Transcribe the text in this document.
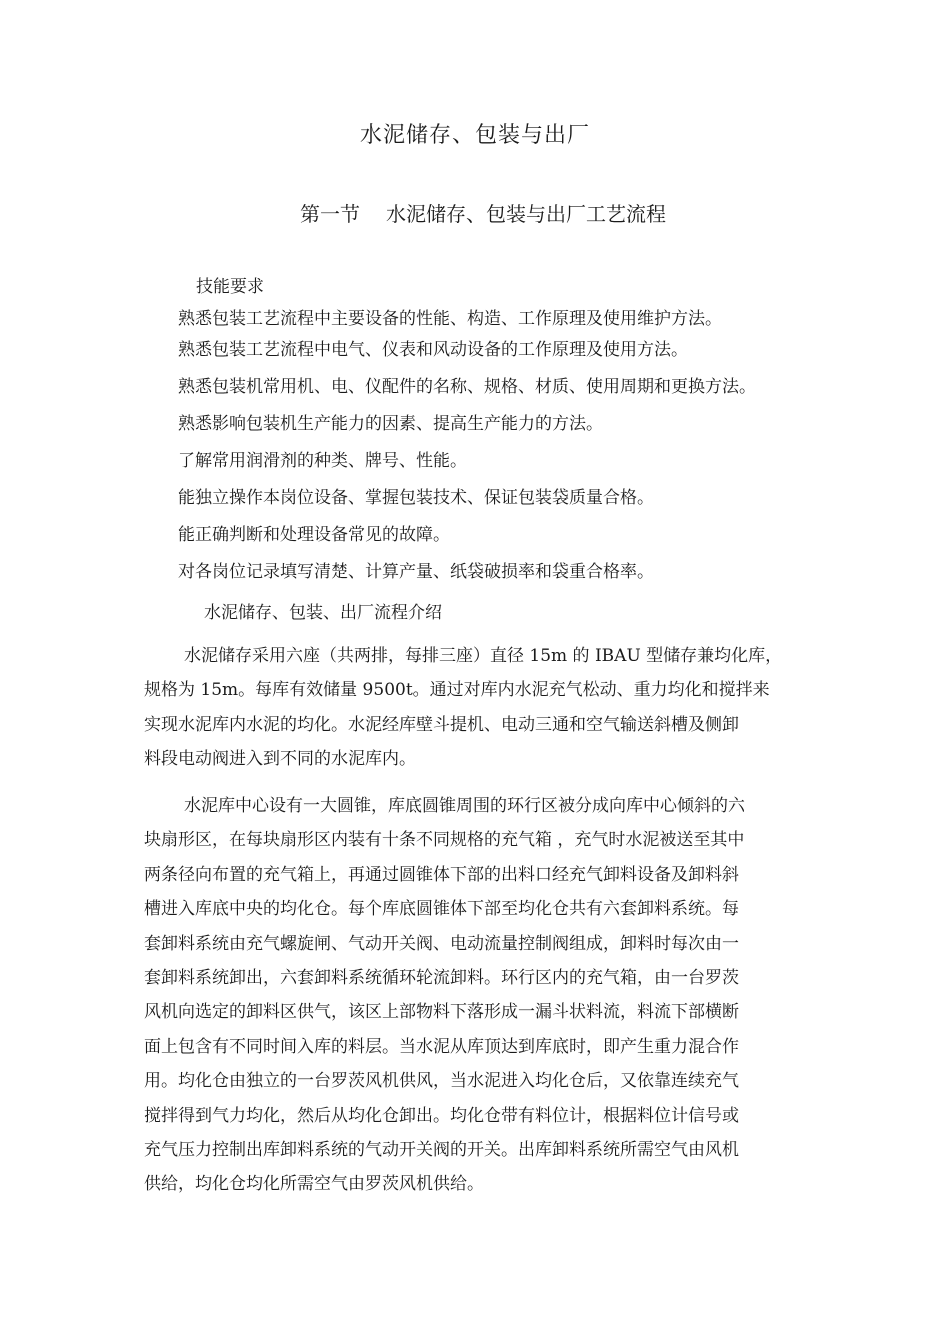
水泥储存、包装与出厂
第一节 水泥储存、包装与出厂工艺流程
技能要求
熟悉包装工艺流程中主要设备的性能、构造、工作原理及使用维护方法。
熟悉包装工艺流程中电气、仪表和风动设备的工作原理及使用方法。
熟悉包装机常用机、电、仪配件的名称、规格、材质、使用周期和更换方法。
熟悉影响包装机生产能力的因素、提高生产能力的方法。
了解常用润滑剂的种类、牌号、性能。
能独立操作本岗位设备、掌握包装技术、保证包装袋质量合格。
能正确判断和处理设备常见的故障。
对各岗位记录填写清楚、计算产量、纸袋破损率和袋重合格率。
水泥储存、包装、出厂流程介绍

水泥储存采用六座（共两排，每排三座）直径 15m 的 IBAU 型储存兼均化库，
规格为 15m。每库有效储量 9500t。通过对库内水泥充气松动、重力均化和搅拌来
实现水泥库内水泥的均化。水泥经库壁斗提机、电动三通和空气输送斜槽及侧卸
料段电动阀进入到不同的水泥库内。

水泥库中心设有一大圆锥，库底圆锥周围的环行区被分成向库中心倾斜的六
块扇形区，在每块扇形区内装有十条不同规格的充气箱 ，充气时水泥被送至其中
两条径向布置的充气箱上，再通过圆锥体下部的出料口经充气卸料设备及卸料斜
槽进入库底中央的均化仓。每个库底圆锥体下部至均化仓共有六套卸料系统。每
套卸料系统由充气螺旋闸、气动开关阀、电动流量控制阀组成，卸料时每次由一
套卸料系统卸出，六套卸料系统循环轮流卸料。环行区内的充气箱，由一台罗茨
风机向选定的卸料区供气，该区上部物料下落形成一漏斗状料流，料流下部横断
面上包含有不同时间入库的料层。当水泥从库顶达到库底时，即产生重力混合作
用。均化仓由独立的一台罗茨风机供风，当水泥进入均化仓后，又依靠连续充气
搅拌得到气力均化，然后从均化仓卸出。均化仓带有料位计，根据料位计信号或
充气压力控制出库卸料系统的气动开关阀的开关。出库卸料系统所需空气由风机
供给，均化仓均化所需空气由罗茨风机供给。
